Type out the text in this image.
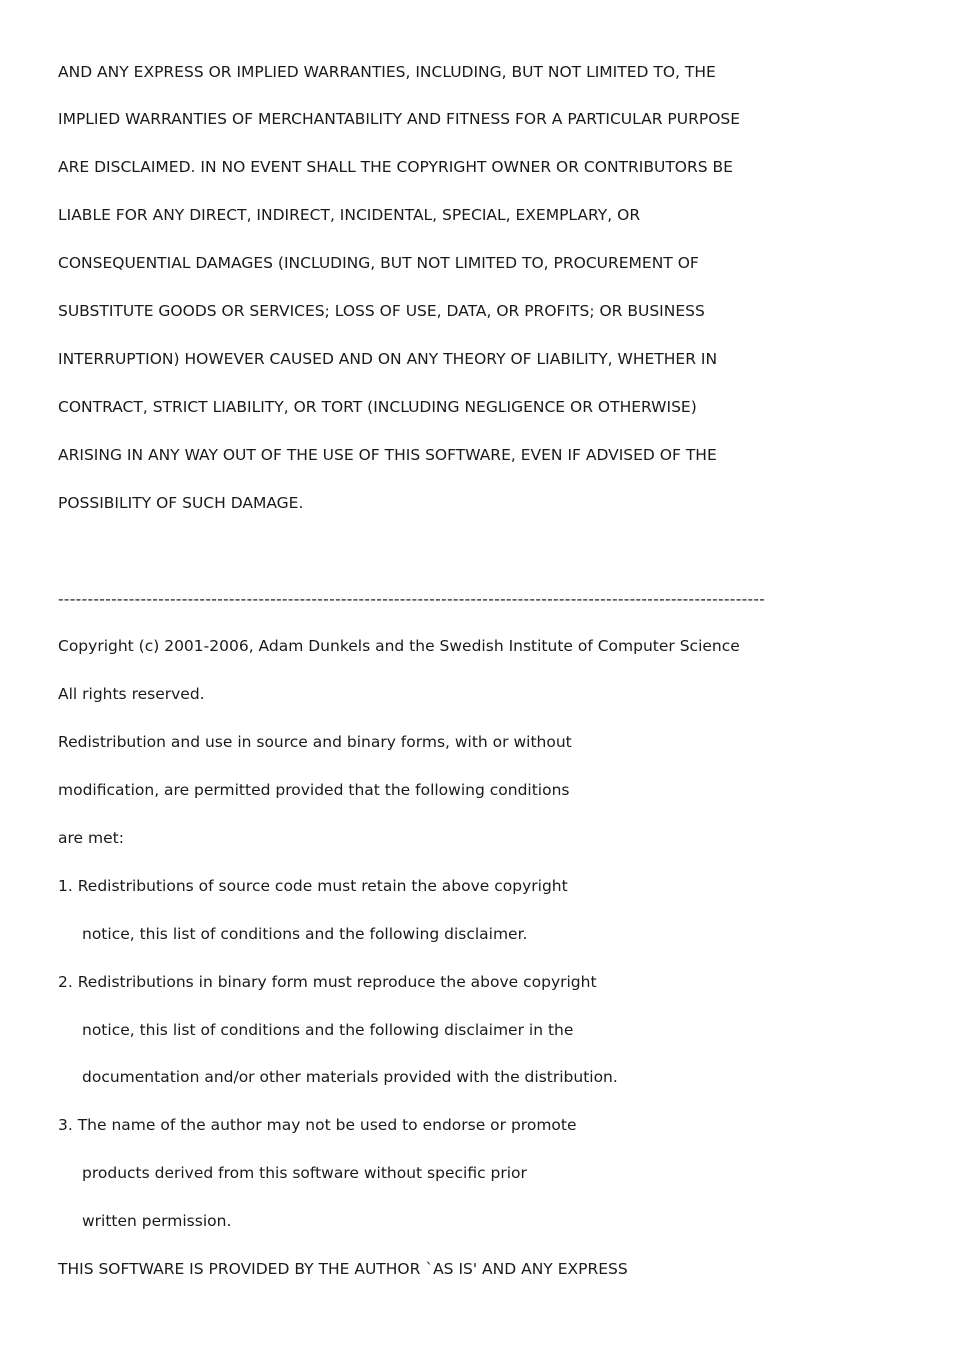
AND ANY EXPRESS OR IMPLIED WARRANTIES, INCLUDING, BUT NOT LIMITED TO, THE
IMPLIED WARRANTIES OF MERCHANTABILITY AND FITNESS FOR A PARTICULAR PURPOSE
ARE DISCLAIMED. IN NO EVENT SHALL THE COPYRIGHT OWNER OR CONTRIBUTORS BE
LIABLE FOR ANY DIRECT, INDIRECT, INCIDENTAL, SPECIAL, EXEMPLARY, OR
CONSEQUENTIAL DAMAGES (INCLUDING, BUT NOT LIMITED TO, PROCUREMENT OF
SUBSTITUTE GOODS OR SERVICES; LOSS OF USE, DATA, OR PROFITS; OR BUSINESS
INTERRUPTION) HOWEVER CAUSED AND ON ANY THEORY OF LIABILITY, WHETHER IN
CONTRACT, STRICT LIABILITY, OR TORT (INCLUDING NEGLIGENCE OR OTHERWISE)
ARISING IN ANY WAY OUT OF THE USE OF THIS SOFTWARE, EVEN IF ADVISED OF THE
POSSIBILITY OF SUCH DAMAGE.
------------------------------------------------------------------------------------------------------------------------
Copyright (c) 2001-2006, Adam Dunkels and the Swedish Institute of Computer Science
All rights reserved.
Redistribution and use in source and binary forms, with or without
modification, are permitted provided that the following conditions
are met:
1. Redistributions of source code must retain the above copyright
notice, this list of conditions and the following disclaimer.
2. Redistributions in binary form must reproduce the above copyright
notice, this list of conditions and the following disclaimer in the
documentation and/or other materials provided with the distribution.
3. The name of the author may not be used to endorse or promote
products derived from this software without specific prior
written permission.
THIS SOFTWARE IS PROVIDED BY THE AUTHOR `AS IS' AND ANY EXPRESS
